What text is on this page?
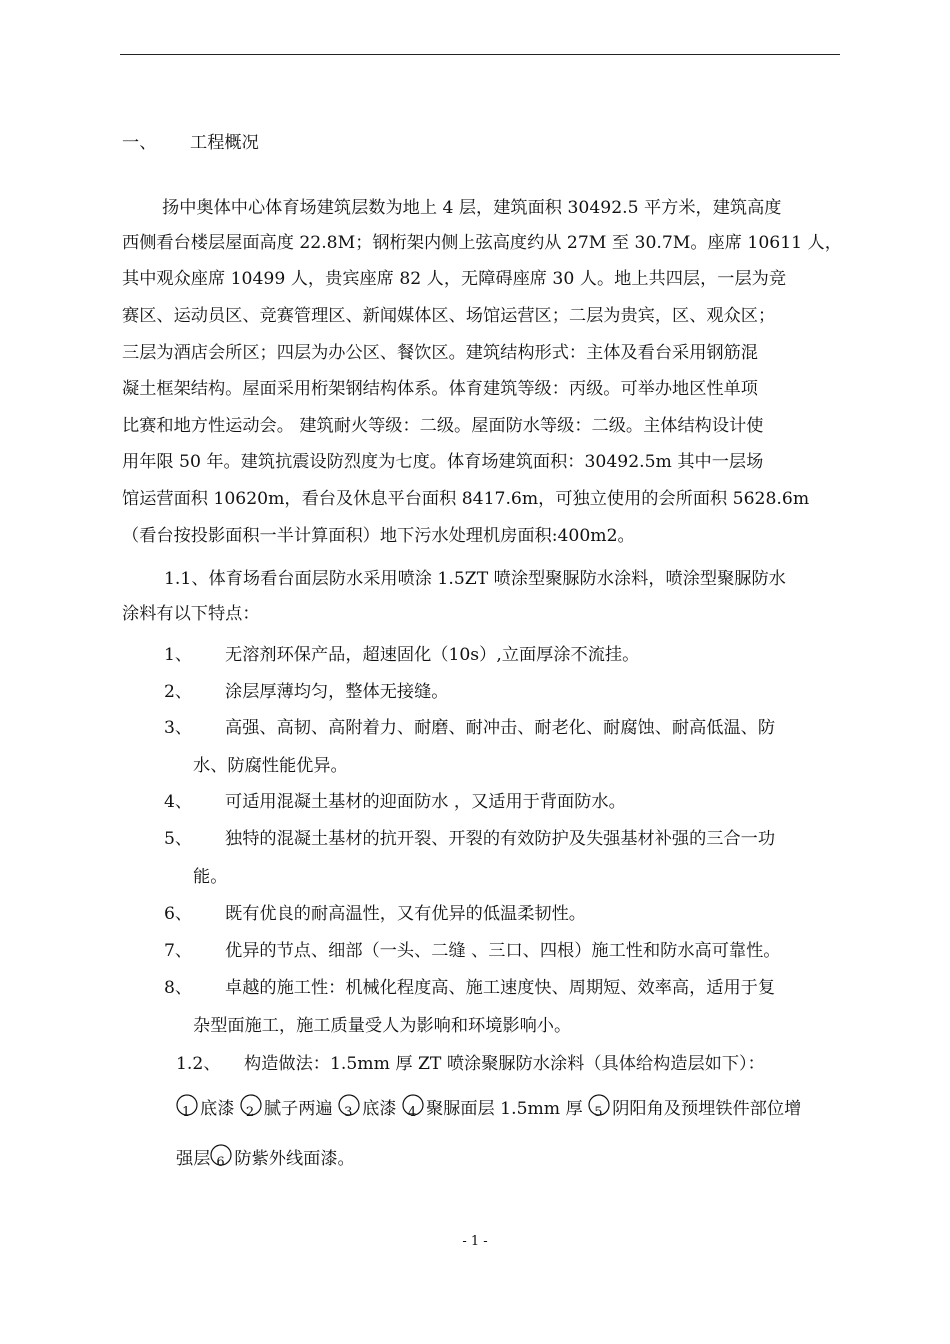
一、 工程概况
扬中奥体中心体育场建筑层数为地上 4 层，建筑面积 30492.5 平方米，建筑高度
西侧看台楼层屋面高度 22.8M；钢桁架内侧上弦高度约从 27M 至 30.7M。座席 10611 人，
其中观众座席 10499 人，贵宾座席 82 人，无障碍座席 30 人。地上共四层，一层为竞
赛区、运动员区、竞赛管理区、新闻媒体区、场馆运营区；二层为贵宾，区、观众区；
三层为酒店会所区；四层为办公区、餐饮区。建筑结构形式：主体及看台采用钢筋混
凝土框架结构。屋面采用桁架钢结构体系。体育建筑等级：丙级。可举办地区性单项
比赛和地方性运动会。 建筑耐火等级：二级。屋面防水等级：二级。主体结构设计使
用年限 50 年。建筑抗震设防烈度为七度。体育场建筑面积：30492.5m 其中一层场
馆运营面积 10620m，看台及休息平台面积 8417.6m，可独立使用的会所面积 5628.6m
（看台按投影面积一半计算面积）地下污水处理机房面积:400m2。
1.1、体育场看台面层防水采用喷涂 1.5ZT 喷涂型聚脲防水涂料，喷涂型聚脲防水
涂料有以下特点：
1、 无溶剂环保产品，超速固化（10s）,立面厚涂不流挂。
2、 涂层厚薄均匀，整体无接缝。
3、 高强、高韧、高附着力、耐磨、耐冲击、耐老化、耐腐蚀、耐高低温、防
水、防腐性能优异。
4、 可适用混凝土基材的迎面防水 ，又适用于背面防水。
5、 独特的混凝土基材的抗开裂、开裂的有效防护及失强基材补强的三合一功
能。
6、 既有优良的耐高温性，又有优异的低温柔韧性。
7、 优异的节点、细部（一头、二缝 、三口、四根）施工性和防水高可靠性。
8、 卓越的施工性：机械化程度高、施工速度快、周期短、效率高，适用于复
杂型面施工，施工质量受人为影响和环境影响小。
1.2、 构造做法：1.5mm 厚 ZT 喷涂聚脲防水涂料（具体给构造层如下）：
1 底漆 2 腻子两遍 3 底漆 4 聚脲面层 1.5mm 厚 5 阴阳角及预埋铁件部位增
强层 6 防紫外线面漆。
- 1 -
